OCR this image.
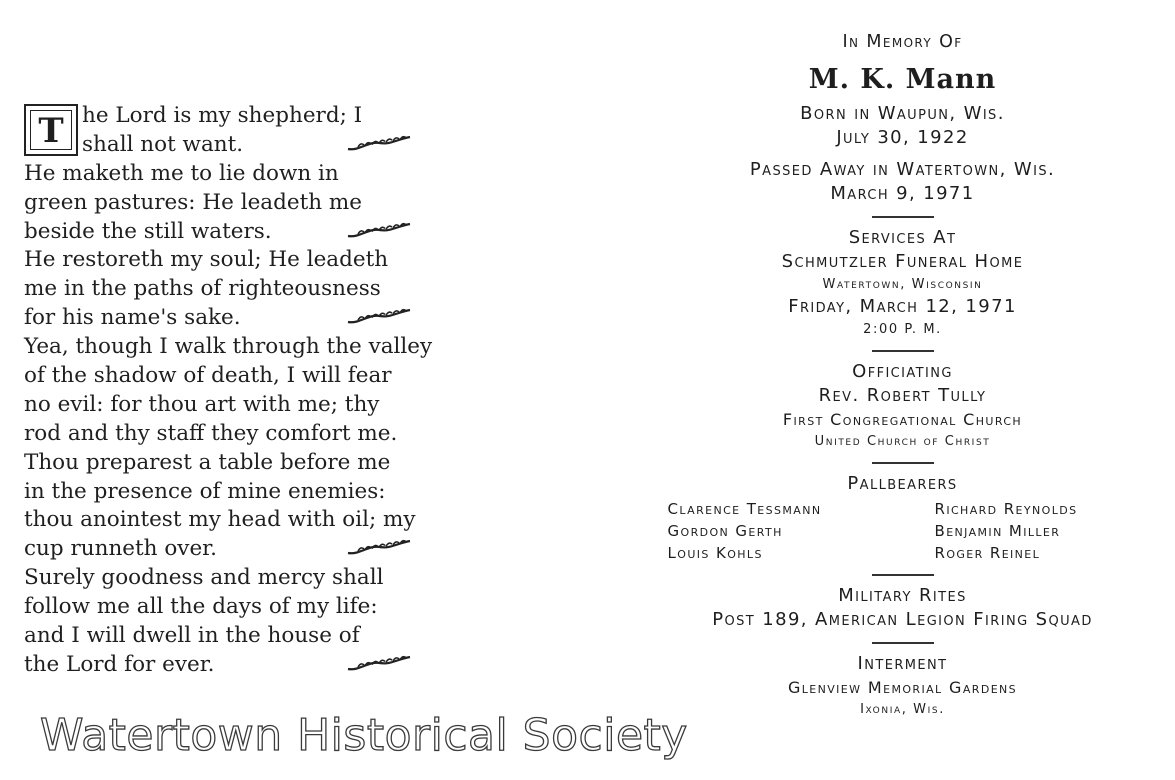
T he Lord is my shepherd; I
shall not want.
He maketh me to lie down in
green pastures: He leadeth me
beside the still waters.
He restoreth my soul; He leadeth
me in the paths of righteousness
for his name's sake.
Yea, though I walk through the valley
of the shadow of death, I will fear
no evil: for thou art with me; thy
rod and thy staff they comfort me.
Thou preparest a table before me
in the presence of mine enemies:
thou anointest my head with oil; my
cup runneth over.
Surely goodness and mercy shall
follow me all the days of my life:
and I will dwell in the house of
the Lord for ever.
Watertown Historical Society
In Memory Of
M. K. Mann
Born in Waupun, Wis.
July 30, 1922
Passed Away in Watertown, Wis.
March 9, 1971
Services At
Schmutzler Funeral Home
Watertown, Wisconsin
Friday, March 12, 1971
2:00 P. M.
Officiating
Rev. Robert Tully
First Congregational Church
United Church of Christ
Pallbearers
Clarence Tessmann	Richard Reynolds
Gordon Gerth	Benjamin Miller
Louis Kohls	Roger Reinel
Military Rites
Post 189, American Legion Firing Squad
Interment
Glenview Memorial Gardens
Ixonia, Wis.
